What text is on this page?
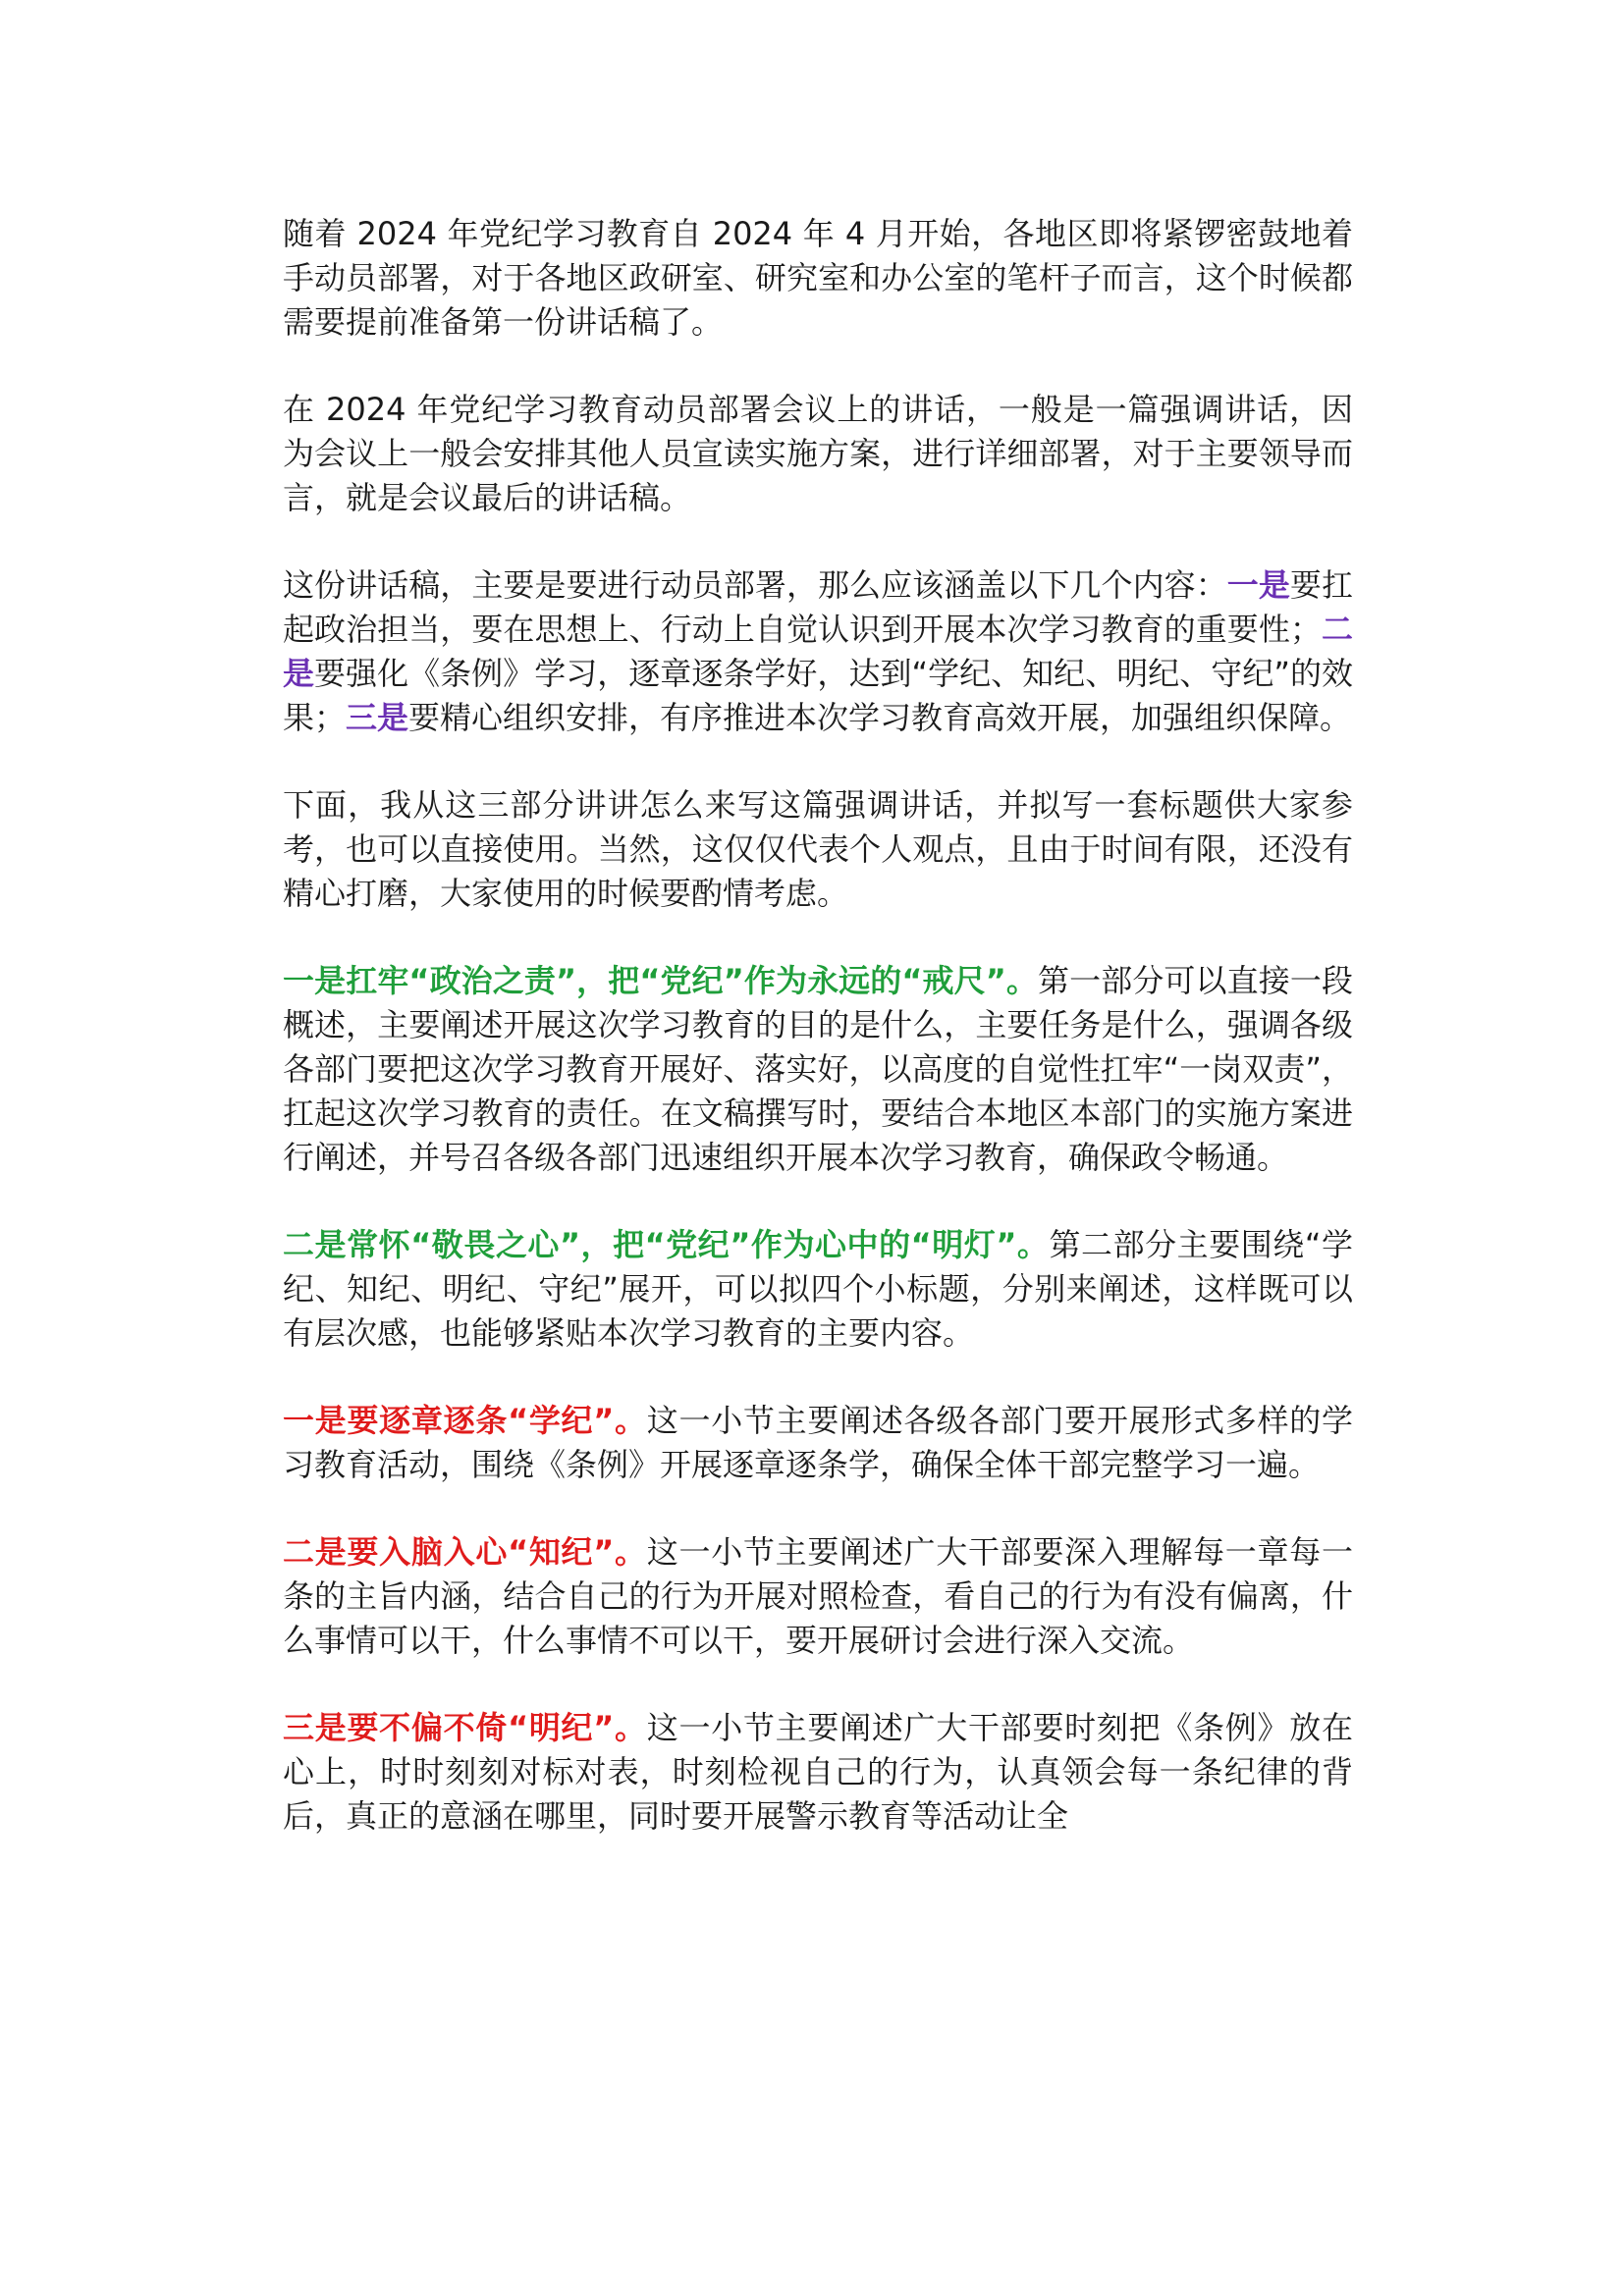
随着 2024 年党纪学习教育自 2024 年 4 月开始，各地区即将紧锣密鼓地着手动员部署，对于各地区政研室、研究室和办公室的笔杆子而言，这个时候都需要提前准备第一份讲话稿了。

在 2024 年党纪学习教育动员部署会议上的讲话，一般是一篇强调讲话，因为会议上一般会安排其他人员宣读实施方案，进行详细部署，对于主要领导而言，就是会议最后的讲话稿。

这份讲话稿，主要是要进行动员部署，那么应该涵盖以下几个内容：一是要扛起政治担当，要在思想上、行动上自觉认识到开展本次学习教育的重要性；二是要强化《条例》学习，逐章逐条学好，达到“学纪、知纪、明纪、守纪”的效果；三是要精心组织安排，有序推进本次学习教育高效开展，加强组织保障。

下面，我从这三部分讲讲怎么来写这篇强调讲话，并拟写一套标题供大家参考，也可以直接使用。当然，这仅仅代表个人观点，且由于时间有限，还没有精心打磨，大家使用的时候要酌情考虑。

一是扛牢“政治之责”，把“党纪”作为永远的“戒尺”。第一部分可以直接一段概述，主要阐述开展这次学习教育的目的是什么，主要任务是什么，强调各级各部门要把这次学习教育开展好、落实好，以高度的自觉性扛牢“一岗双责”，扛起这次学习教育的责任。在文稿撰写时，要结合本地区本部门的实施方案进行阐述，并号召各级各部门迅速组织开展本次学习教育，确保政令畅通。

二是常怀“敬畏之心”，把“党纪”作为心中的“明灯”。第二部分主要围绕“学纪、知纪、明纪、守纪”展开，可以拟四个小标题，分别来阐述，这样既可以有层次感，也能够紧贴本次学习教育的主要内容。

一是要逐章逐条“学纪”。这一小节主要阐述各级各部门要开展形式多样的学习教育活动，围绕《条例》开展逐章逐条学，确保全体干部完整学习一遍。

二是要入脑入心“知纪”。这一小节主要阐述广大干部要深入理解每一章每一条的主旨内涵，结合自己的行为开展对照检查，看自己的行为有没有偏离，什么事情可以干，什么事情不可以干，要开展研讨会进行深入交流。

三是要不偏不倚“明纪”。这一小节主要阐述广大干部要时刻把《条例》放在心上，时时刻刻对标对表，时刻检视自己的行为，认真领会每一条纪律的背后，真正的意涵在哪里，同时要开展警示教育等活动让全
